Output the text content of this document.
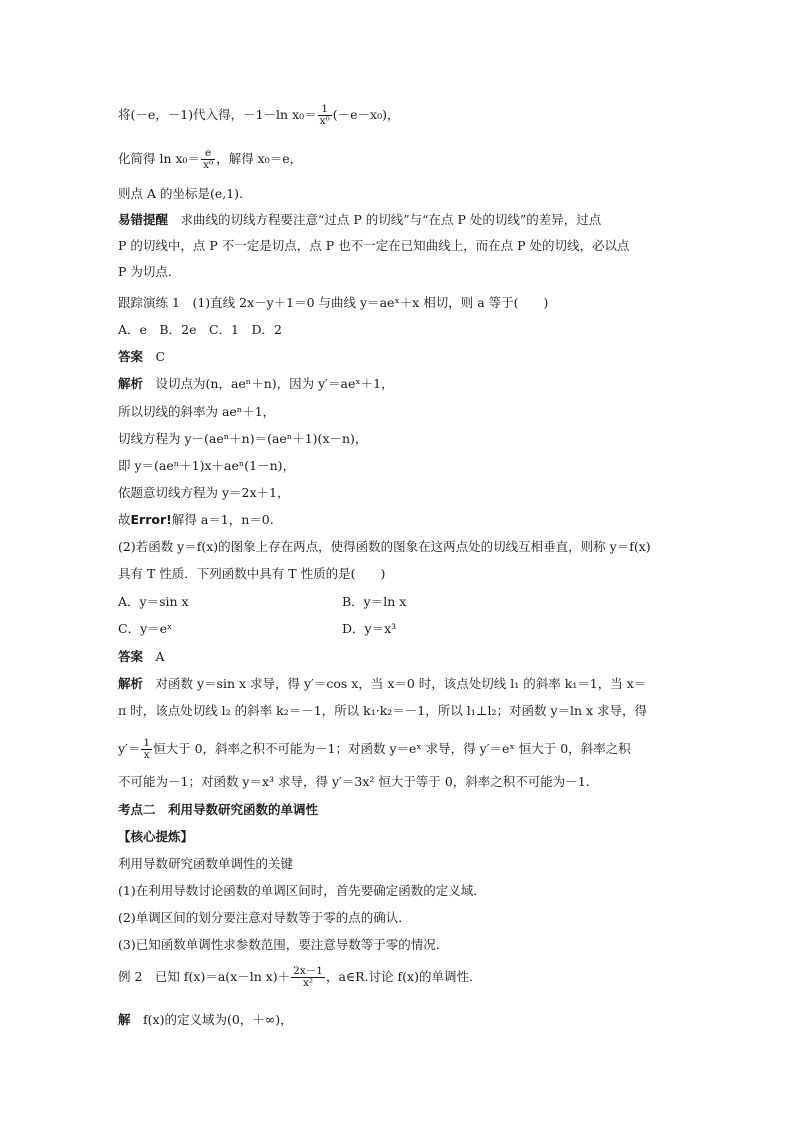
将(－e，－1)代入得，－1－ln $x_0= \frac{1}{\text{x⁰}} (-e-x_0)$，
化简得 $\ln x_0= \frac{e}{\text{x⁰}}$ ，解得 x₀＝e，
则点 A 的坐标是(e,1).
易错提醒　求曲线的切线方程要注意“过点 P 的切线”与“在点 P 处的切线”的差异，过点
P 的切线中，点 P 不一定是切点，点 P 也不一定在已知曲线上，而在点 P 处的切线，必以点
P 为切点．
跟踪演练 1　(1)直线 2x－y＋1＝0 与曲线 y＝aeˣ＋x 相切，则 a 等于(　　)
A．e　B．2e　C．1　D．2
答案　C
解析　设切点为(n，aeⁿ＋n)，因为 y′＝aeˣ＋1，
所以切线的斜率为 aeⁿ＋1，
切线方程为 y－(aeⁿ＋n)＝(aeⁿ＋1)(x－n)，
即 y＝(aeⁿ＋1)x＋aeⁿ(1－n)，
依题意切线方程为 y＝2x＋1，
故Error!解得 a＝1，n＝0.
(2)若函数 y＝f(x)的图象上存在两点，使得函数的图象在这两点处的切线互相垂直，则称 y＝f(x)
具有 T 性质．下列函数中具有 T 性质的是(　　)
A．y＝sin x	B．y＝ln x
C．y＝eˣ	D．y＝x³
答案　A
解析　对函数 y＝sin x 求导，得 y′＝cos x，当 x＝0 时，该点处切线 l₁ 的斜率 k₁＝1，当 x＝
π 时，该点处切线 l₂ 的斜率 k₂＝－1，所以 k₁·k₂＝－1，所以 l₁⊥l₂；对函数 y＝ln x 求导，得
$y'= \frac{1}{x}$ 恒大于 0，斜率之积不可能为－1；对函数 y＝eˣ 求导，得 y′＝eˣ 恒大于 0，斜率之积
不可能为－1；对函数 y＝x³ 求导，得 y′＝3x² 恒大于等于 0，斜率之积不可能为－1.
考点二　利用导数研究函数的单调性
【核心提炼】
利用导数研究函数单调性的关键
(1)在利用导数讨论函数的单调区间时，首先要确定函数的定义域．
(2)单调区间的划分要注意对导数等于零的点的确认．
(3)已知函数单调性求参数范围，要注意导数等于零的情况．
例 2　已知 f(x)＝a(x－ln $x)+ \frac{2x-1}{\text{x²}}$ ，a∈R.讨论 f(x)的单调性．
解　f(x)的定义域为(0，＋∞)，
